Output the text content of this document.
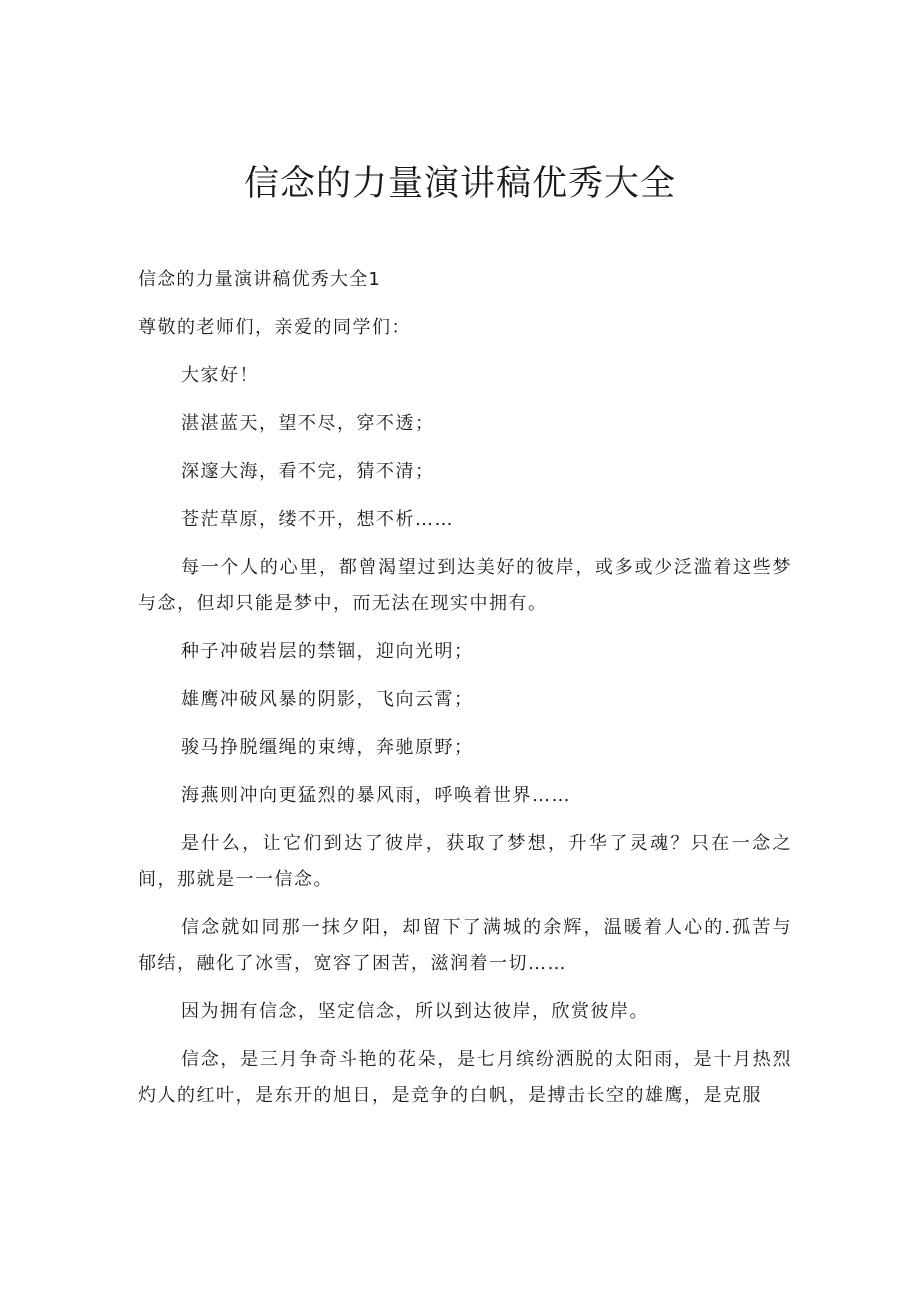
信念的力量演讲稿优秀大全

信念的力量演讲稿优秀大全1

尊敬的老师们，亲爱的同学们：

大家好！

湛湛蓝天，望不尽，穿不透；

深邃大海，看不完，猜不清；

苍茫草原，缕不开，想不析……

每一个人的心里，都曾渴望过到达美好的彼岸，或多或少泛滥着这些梦与念，但却只能是梦中，而无法在现实中拥有。

种子冲破岩层的禁锢，迎向光明；

雄鹰冲破风暴的阴影，飞向云霄；

骏马挣脱缰绳的束缚，奔驰原野；

海燕则冲向更猛烈的暴风雨，呼唤着世界……

是什么，让它们到达了彼岸，获取了梦想，升华了灵魂？只在一念之间，那就是一一信念。

信念就如同那一抹夕阳，却留下了满城的余辉，温暖着人心的.孤苦与郁结，融化了冰雪，宽容了困苦，滋润着一切……

因为拥有信念，坚定信念，所以到达彼岸，欣赏彼岸。

信念，是三月争奇斗艳的花朵，是七月缤纷洒脱的太阳雨，是十月热烈灼人的红叶，是东开的旭日，是竞争的白帆，是搏击长空的雄鹰，是克服
